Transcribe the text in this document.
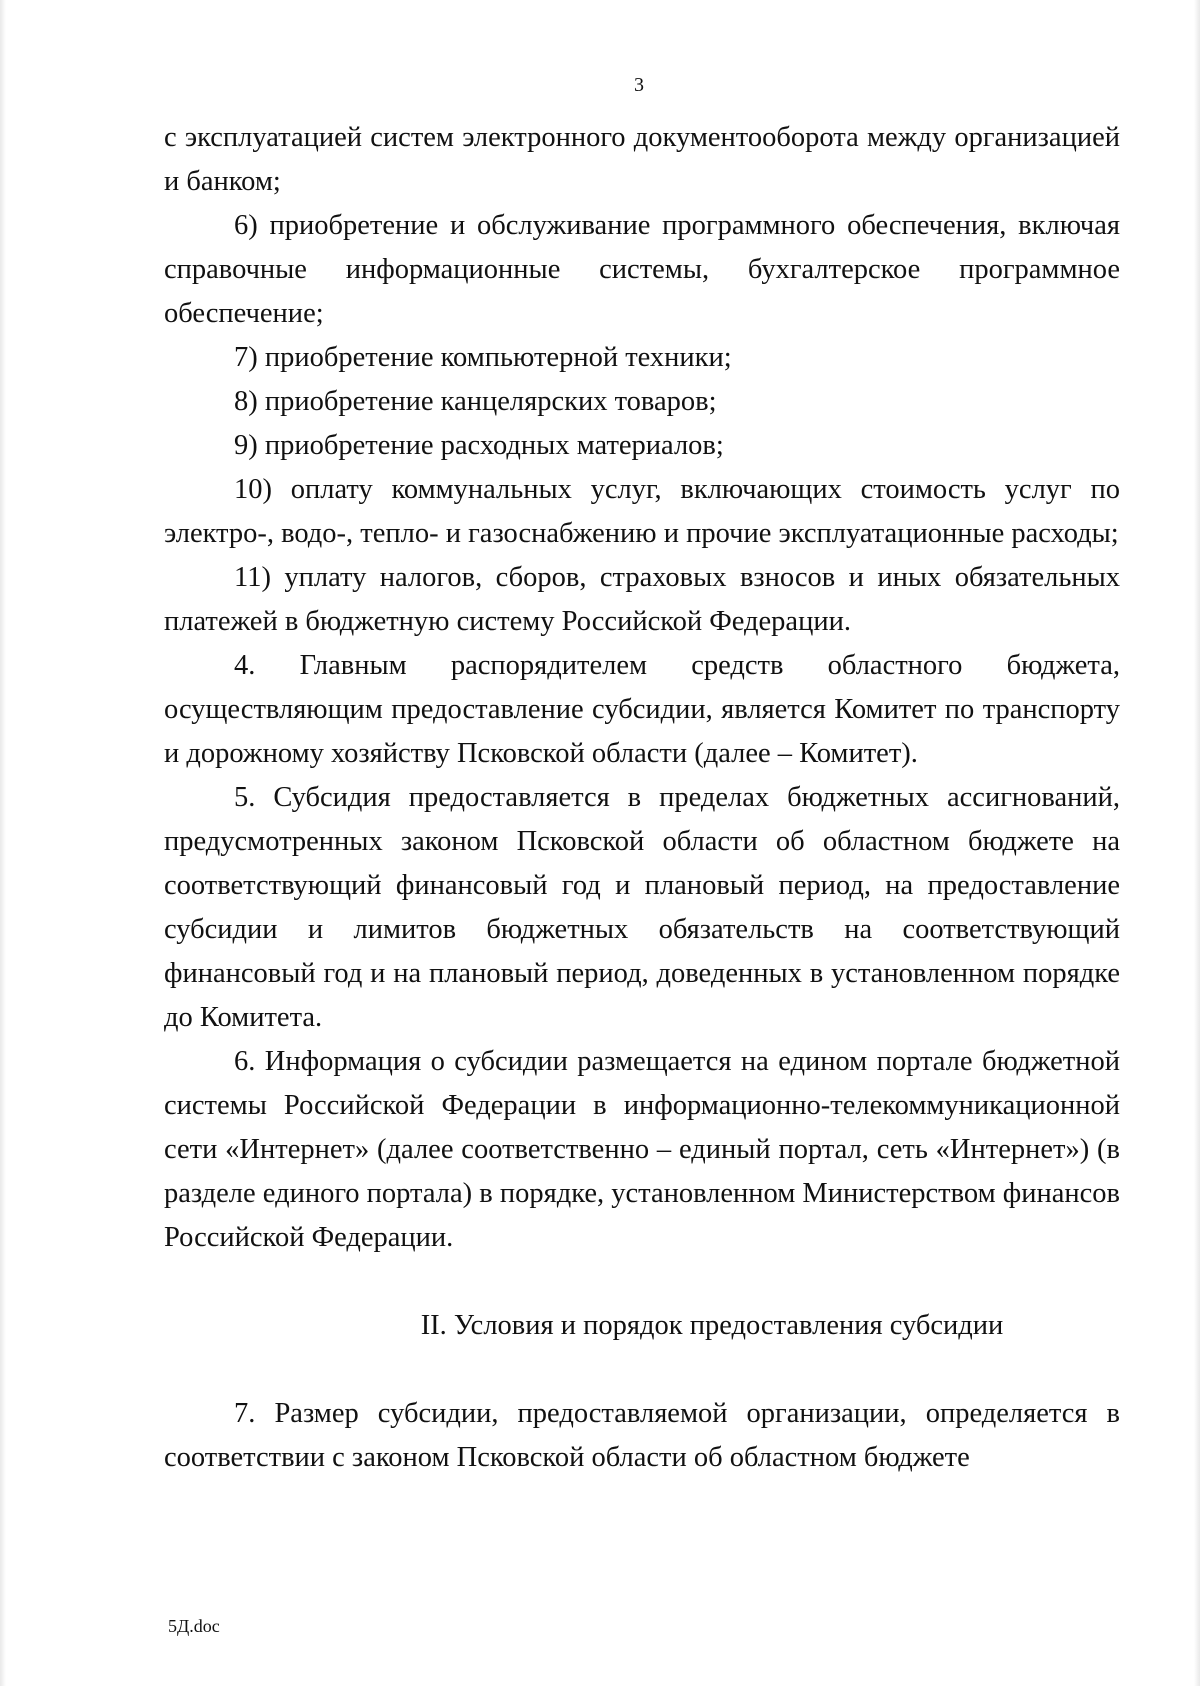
3

с эксплуатацией систем электронного документооборота между организацией и банком;

6) приобретение и обслуживание программного обеспечения, включая справочные информационные системы, бухгалтерское программное обеспечение;

7) приобретение компьютерной техники;

8) приобретение канцелярских товаров;

9) приобретение расходных материалов;

10) оплату коммунальных услуг, включающих стоимость услуг по электро-, водо-, тепло- и газоснабжению и прочие эксплуатационные расходы;

11) уплату налогов, сборов, страховых взносов и иных обязательных платежей в бюджетную систему Российской Федерации.

4. Главным распорядителем средств областного бюджета, осуществляющим предоставление субсидии, является Комитет по транспорту и дорожному хозяйству Псковской области (далее – Комитет).

5. Субсидия предоставляется в пределах бюджетных ассигнований, предусмотренных законом Псковской области об областном бюджете на соответствующий финансовый год и плановый период, на предоставление субсидии и лимитов бюджетных обязательств на соответствующий финансовый год и на плановый период, доведенных в установленном порядке до Комитета.

6. Информация о субсидии размещается на едином портале бюджетной системы Российской Федерации в информационно-телекоммуникационной сети «Интернет» (далее соответственно – единый портал, сеть «Интернет») (в разделе единого портала) в порядке, установленном Министерством финансов Российской Федерации.

II. Условия и порядок предоставления субсидии

7. Размер субсидии, предоставляемой организации, определяется в соответствии с законом Псковской области об областном бюджете

5Д.doc
